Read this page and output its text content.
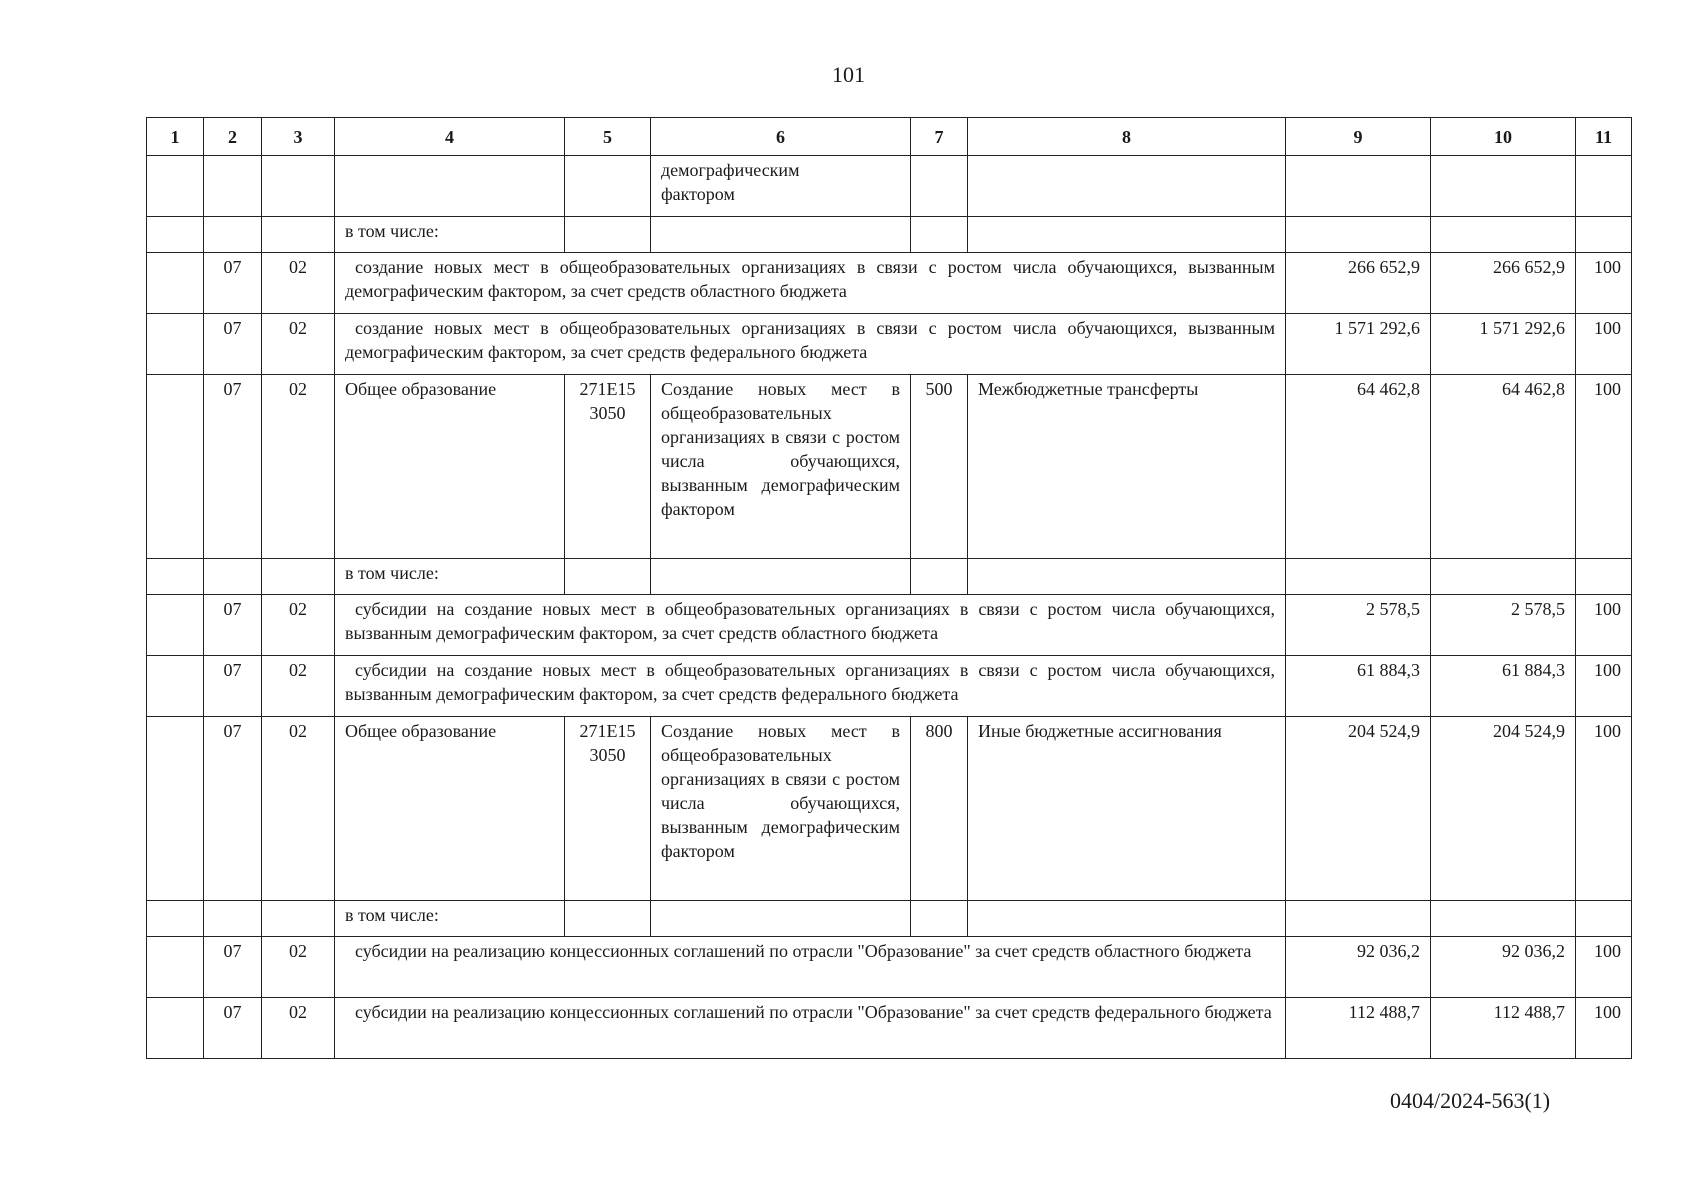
101
1	2	3	4	5	6	7	8	9	10	11
					демографическим фактором					
			в том числе:							
	07	02	создание новых мест в общеобразовательных организациях в связи с ростом числа обучающихся, вызванным демографическим фактором, за счет средств областного бюджета					266 652,9	266 652,9	100
	07	02	создание новых мест в общеобразовательных организациях в связи с ростом числа обучающихся, вызванным демографическим фактором, за счет средств федерального бюджета					1 571 292,6	1 571 292,6	100
	07	02	Общее образование	271Е15 3050	Создание новых мест в общеобразовательных организациях в связи с ростом числа обучающихся, вызванным демографическим фактором	500	Межбюджетные трансферты	64 462,8	64 462,8	100
			в том числе:							
	07	02	субсидии на создание новых мест в общеобразовательных организациях в связи с ростом числа обучающихся, вызванным демографическим фактором, за счет средств областного бюджета					2 578,5	2 578,5	100
	07	02	субсидии на создание новых мест в общеобразовательных организациях в связи с ростом числа обучающихся, вызванным демографическим фактором, за счет средств федерального бюджета					61 884,3	61 884,3	100
	07	02	Общее образование	271Е15 3050	Создание новых мест в общеобразовательных организациях в связи с ростом числа обучающихся, вызванным демографическим фактором	800	Иные бюджетные ассигнования	204 524,9	204 524,9	100
			в том числе:							
	07	02	субсидии на реализацию концессионных соглашений по отрасли "Образование" за счет средств областного бюджета					92 036,2	92 036,2	100
	07	02	субсидии на реализацию концессионных соглашений по отрасли "Образование" за счет средств федерального бюджета					112 488,7	112 488,7	100
0404/2024-563(1)
